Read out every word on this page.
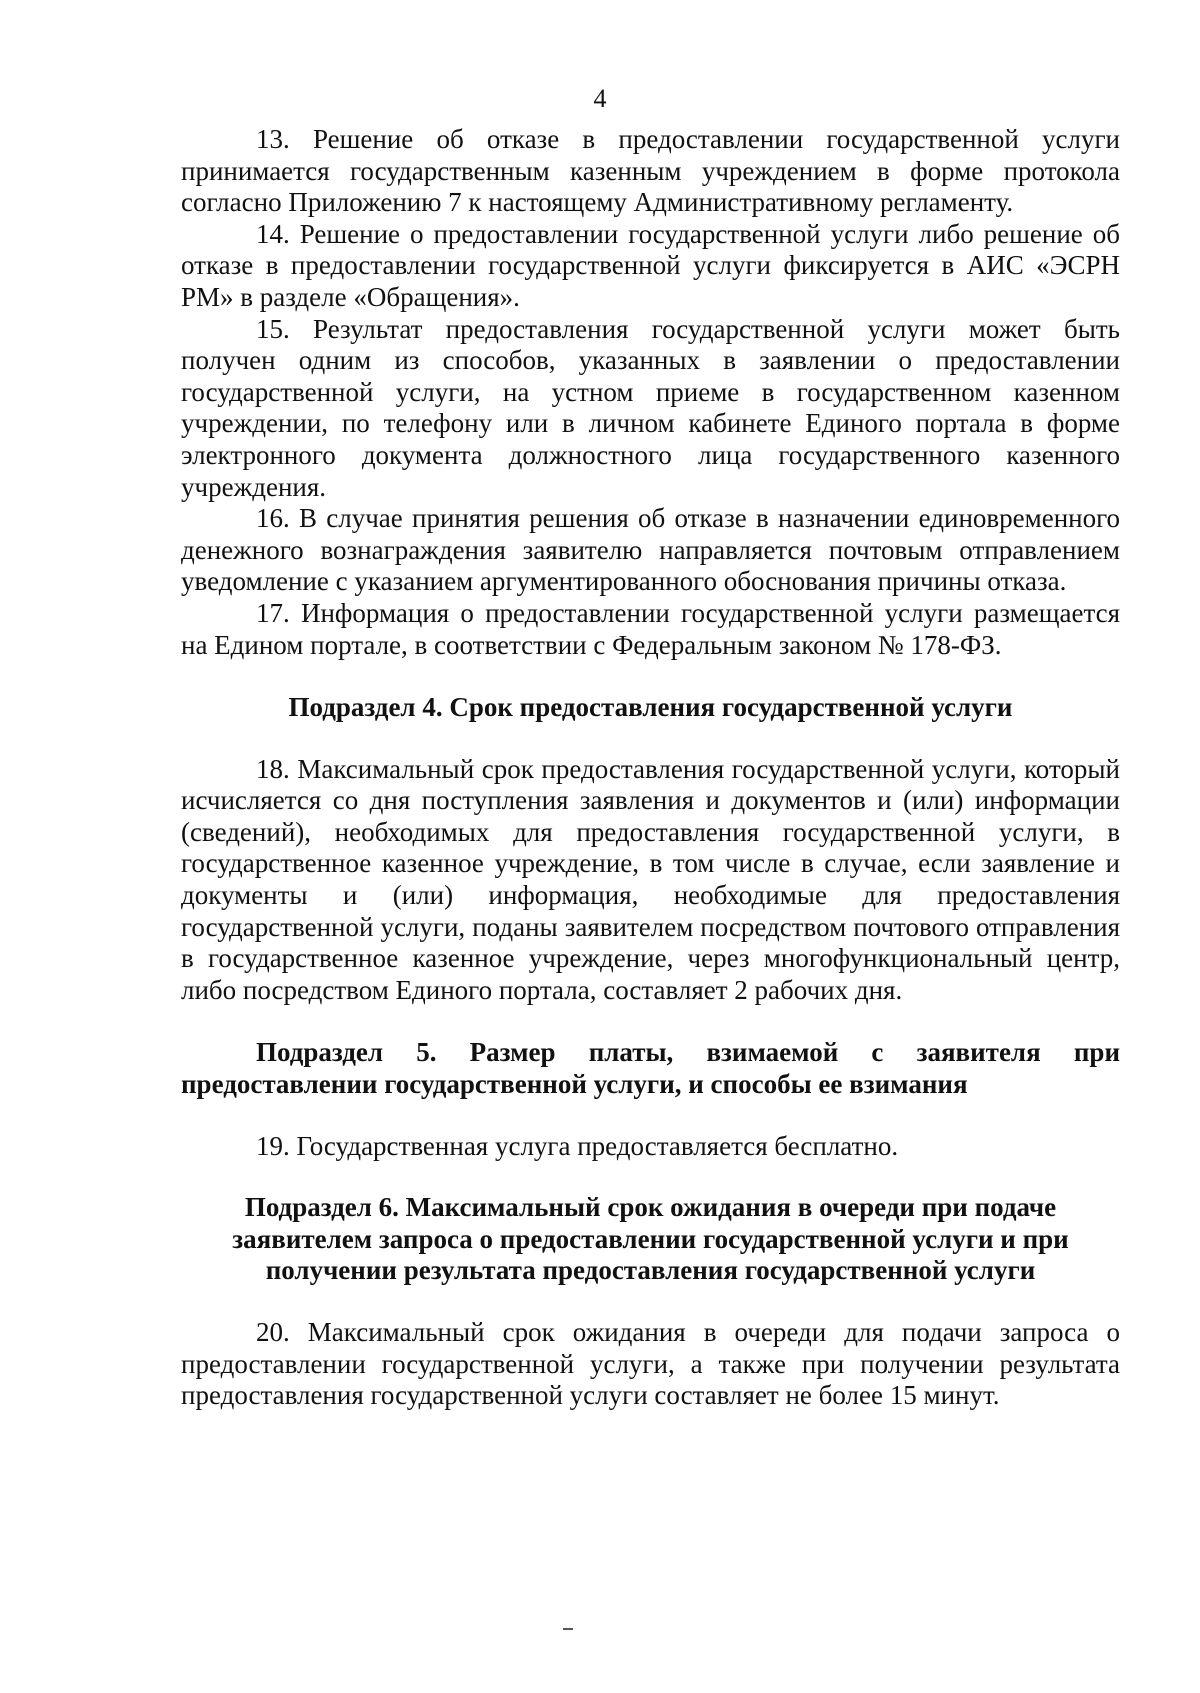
4

13. Решение об отказе в предоставлении государственной услуги принимается государственным казенным учреждением в форме протокола согласно Приложению 7 к настоящему Административному регламенту.

14. Решение о предоставлении государственной услуги либо решение об отказе в предоставлении государственной услуги фиксируется в АИС «ЭСРН РМ» в разделе «Обращения».

15. Результат предоставления государственной услуги может быть получен одним из способов, указанных в заявлении о предоставлении государственной услуги, на устном приеме в государственном казенном учреждении, по телефону или в личном кабинете Единого портала в форме электронного документа должностного лица государственного казенного учреждения.

16. В случае принятия решения об отказе в назначении единовременного денежного вознаграждения заявителю направляется почтовым отправлением уведомление с указанием аргументированного обоснования причины отказа.

17. Информация о предоставлении государственной услуги размещается на Едином портале, в соответствии с Федеральным законом № 178-ФЗ.

Подраздел 4. Срок предоставления государственной услуги

18. Максимальный срок предоставления государственной услуги, который исчисляется со дня поступления заявления и документов и (или) информации (сведений), необходимых для предоставления государственной услуги, в государственное казенное учреждение, в том числе в случае, если заявление и документы и (или) информация, необходимые для предоставления государственной услуги, поданы заявителем посредством почтового отправления в государственное казенное учреждение, через многофункциональный центр, либо посредством Единого портала, составляет 2 рабочих дня.

Подраздел 5. Размер платы, взимаемой с заявителя при предоставлении государственной услуги, и способы ее взимания

19. Государственная услуга предоставляется бесплатно.

Подраздел 6. Максимальный срок ожидания в очереди при подаче

заявителем запроса о предоставлении государственной услуги и при

получении результата предоставления государственной услуги

20. Максимальный срок ожидания в очереди для подачи запроса о предоставлении государственной услуги, а также при получении результата предоставления государственной услуги составляет не более 15 минут.
